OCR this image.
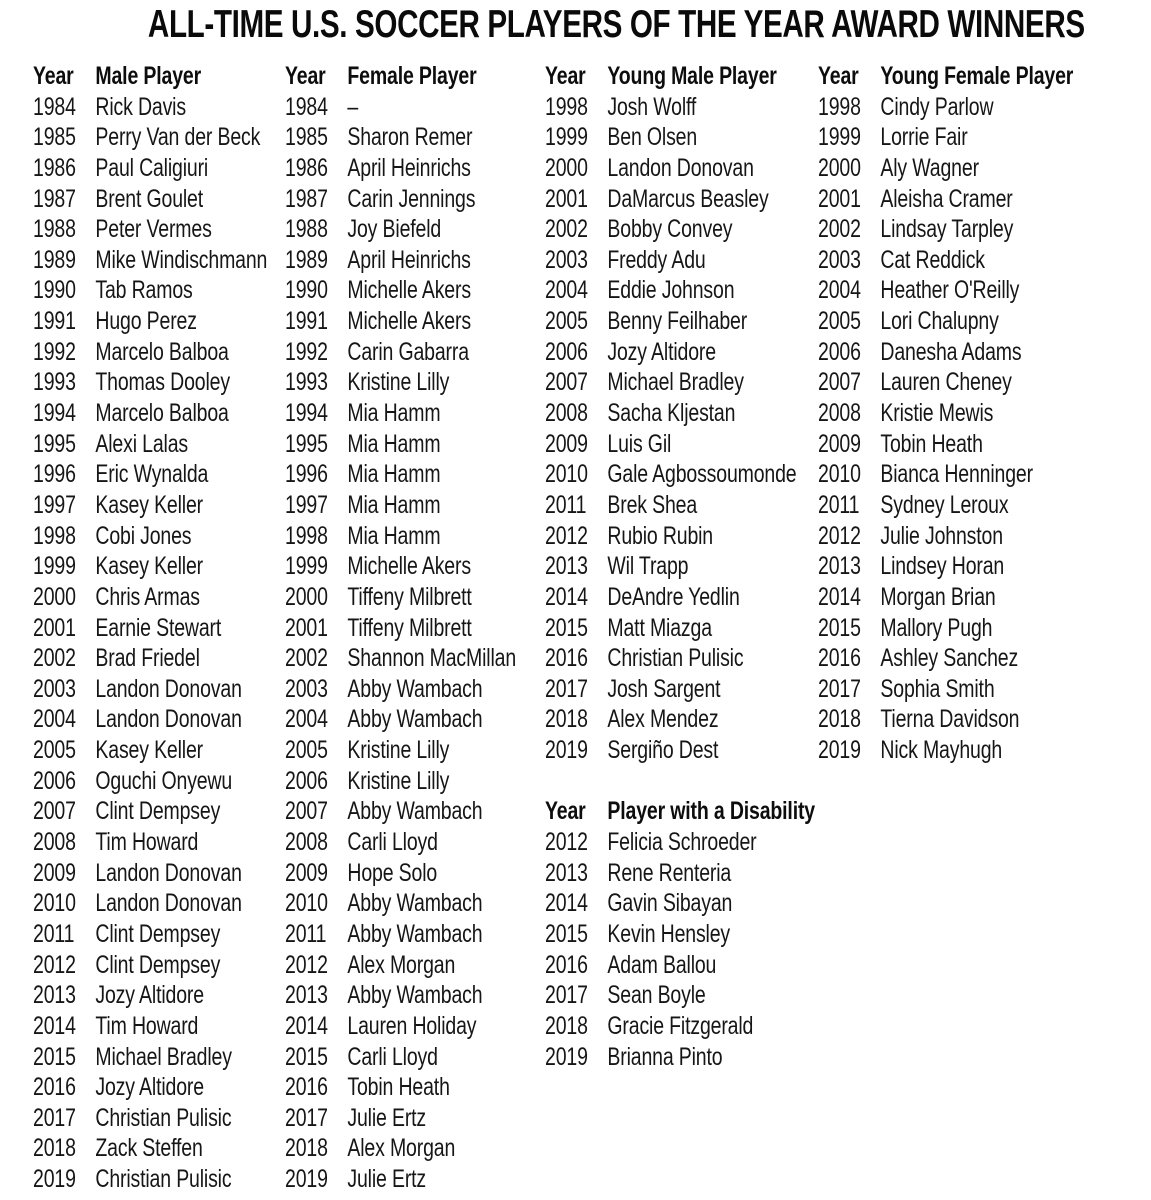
ALL-TIME U.S. SOCCER PLAYERS OF THE YEAR AWARD WINNERS
Year Male Player
1984 Rick Davis
1985 Perry Van der Beck
1986 Paul Caligiuri
1987 Brent Goulet
1988 Peter Vermes
1989 Mike Windischmann
1990 Tab Ramos
1991 Hugo Perez
1992 Marcelo Balboa
1993 Thomas Dooley
1994 Marcelo Balboa
1995 Alexi Lalas
1996 Eric Wynalda
1997 Kasey Keller
1998 Cobi Jones
1999 Kasey Keller
2000 Chris Armas
2001 Earnie Stewart
2002 Brad Friedel
2003 Landon Donovan
2004 Landon Donovan
2005 Kasey Keller
2006 Oguchi Onyewu
2007 Clint Dempsey
2008 Tim Howard
2009 Landon Donovan
2010 Landon Donovan
2011 Clint Dempsey
2012 Clint Dempsey
2013 Jozy Altidore
2014 Tim Howard
2015 Michael Bradley
2016 Jozy Altidore
2017 Christian Pulisic
2018 Zack Steffen
2019 Christian Pulisic
Year Female Player
1984 –
1985 Sharon Remer
1986 April Heinrichs
1987 Carin Jennings
1988 Joy Biefeld
1989 April Heinrichs
1990 Michelle Akers
1991 Michelle Akers
1992 Carin Gabarra
1993 Kristine Lilly
1994 Mia Hamm
1995 Mia Hamm
1996 Mia Hamm
1997 Mia Hamm
1998 Mia Hamm
1999 Michelle Akers
2000 Tiffeny Milbrett
2001 Tiffeny Milbrett
2002 Shannon MacMillan
2003 Abby Wambach
2004 Abby Wambach
2005 Kristine Lilly
2006 Kristine Lilly
2007 Abby Wambach
2008 Carli Lloyd
2009 Hope Solo
2010 Abby Wambach
2011 Abby Wambach
2012 Alex Morgan
2013 Abby Wambach
2014 Lauren Holiday
2015 Carli Lloyd
2016 Tobin Heath
2017 Julie Ertz
2018 Alex Morgan
2019 Julie Ertz
Year Young Male Player
1998 Josh Wolff
1999 Ben Olsen
2000 Landon Donovan
2001 DaMarcus Beasley
2002 Bobby Convey
2003 Freddy Adu
2004 Eddie Johnson
2005 Benny Feilhaber
2006 Jozy Altidore
2007 Michael Bradley
2008 Sacha Kljestan
2009 Luis Gil
2010 Gale Agbossoumonde
2011 Brek Shea
2012 Rubio Rubin
2013 Wil Trapp
2014 DeAndre Yedlin
2015 Matt Miazga
2016 Christian Pulisic
2017 Josh Sargent
2018 Alex Mendez
2019 Sergiño Dest
Year Player with a Disability
2012 Felicia Schroeder
2013 Rene Renteria
2014 Gavin Sibayan
2015 Kevin Hensley
2016 Adam Ballou
2017 Sean Boyle
2018 Gracie Fitzgerald
2019 Brianna Pinto
Year Young Female Player
1998 Cindy Parlow
1999 Lorrie Fair
2000 Aly Wagner
2001 Aleisha Cramer
2002 Lindsay Tarpley
2003 Cat Reddick
2004 Heather O'Reilly
2005 Lori Chalupny
2006 Danesha Adams
2007 Lauren Cheney
2008 Kristie Mewis
2009 Tobin Heath
2010 Bianca Henninger
2011 Sydney Leroux
2012 Julie Johnston
2013 Lindsey Horan
2014 Morgan Brian
2015 Mallory Pugh
2016 Ashley Sanchez
2017 Sophia Smith
2018 Tierna Davidson
2019 Nick Mayhugh
